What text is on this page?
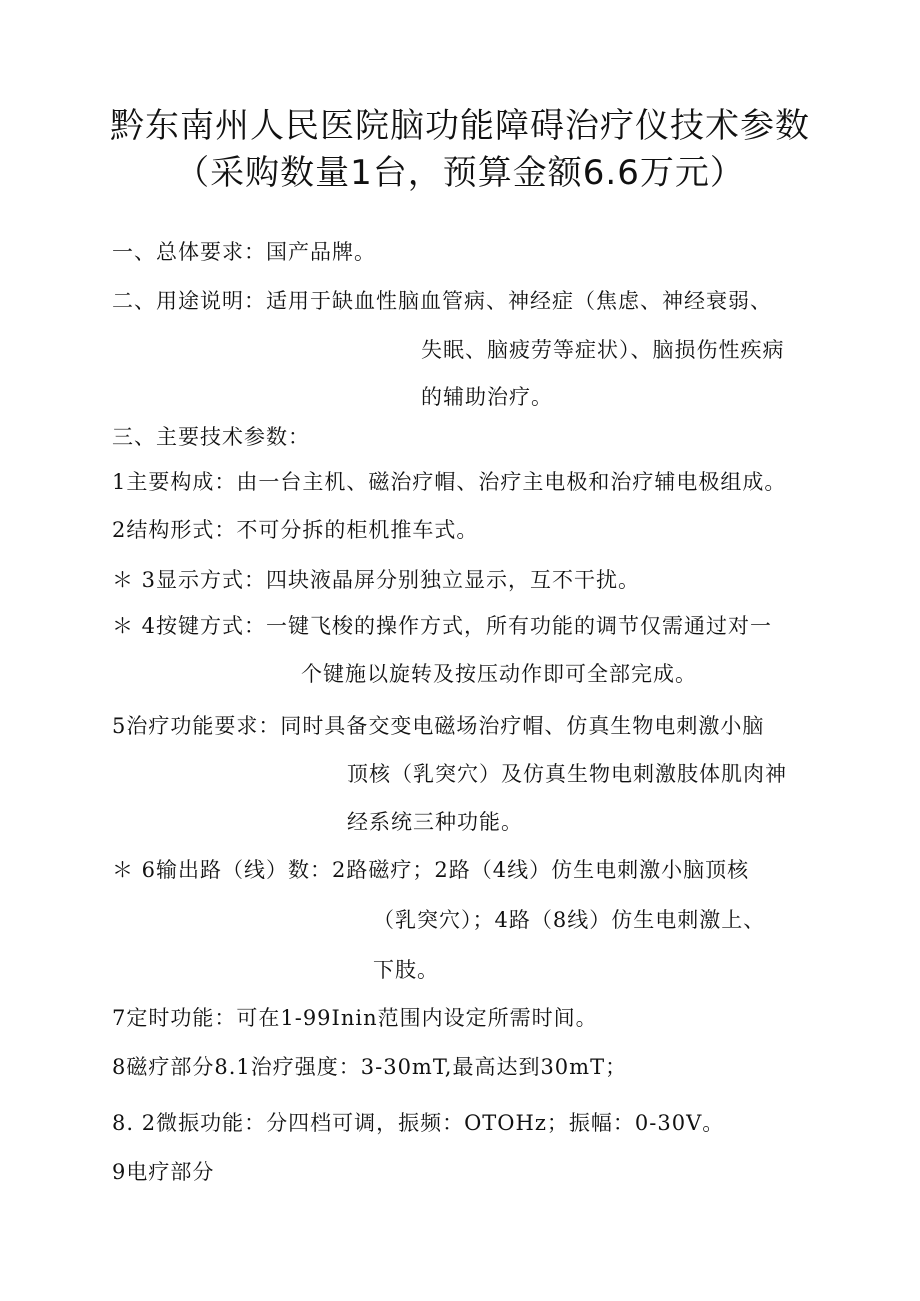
黔东南州人民医院脑功能障碍治疗仪技术参数
（采购数量1台，预算金额6.6万元）
一、总体要求：国产品牌。
二、用途说明：适用于缺血性脑血管病、神经症（焦虑、神经衰弱、
失眠、脑疲劳等症状）、脑损伤性疾病
的辅助治疗。
三、主要技术参数：
1主要构成：由一台主机、磁治疗帽、治疗主电极和治疗辅电极组成。
2结构形式：不可分拆的柜机推车式。
＊ 3显示方式：四块液晶屏分别独立显示，互不干扰。
＊ 4按键方式：一键飞梭的操作方式，所有功能的调节仅需通过对一
个键施以旋转及按压动作即可全部完成。
5治疗功能要求：同时具备交变电磁场治疗帽、仿真生物电刺激小脑
顶核（乳突穴）及仿真生物电刺激肢体肌肉神
经系统三种功能。
＊ 6输出路（线）数：2路磁疗；2路（4线）仿生电刺激小脑顶核
（乳突穴）；4路（8线）仿生电刺激上、
下肢。
7定时功能：可在1-99Inin范围内设定所需时间。
8磁疗部分8.1治疗强度：3-30mT,最高达到30mT；
8. 2微振功能：分四档可调，振频：OTOHz；振幅：0-30V。
9电疗部分
